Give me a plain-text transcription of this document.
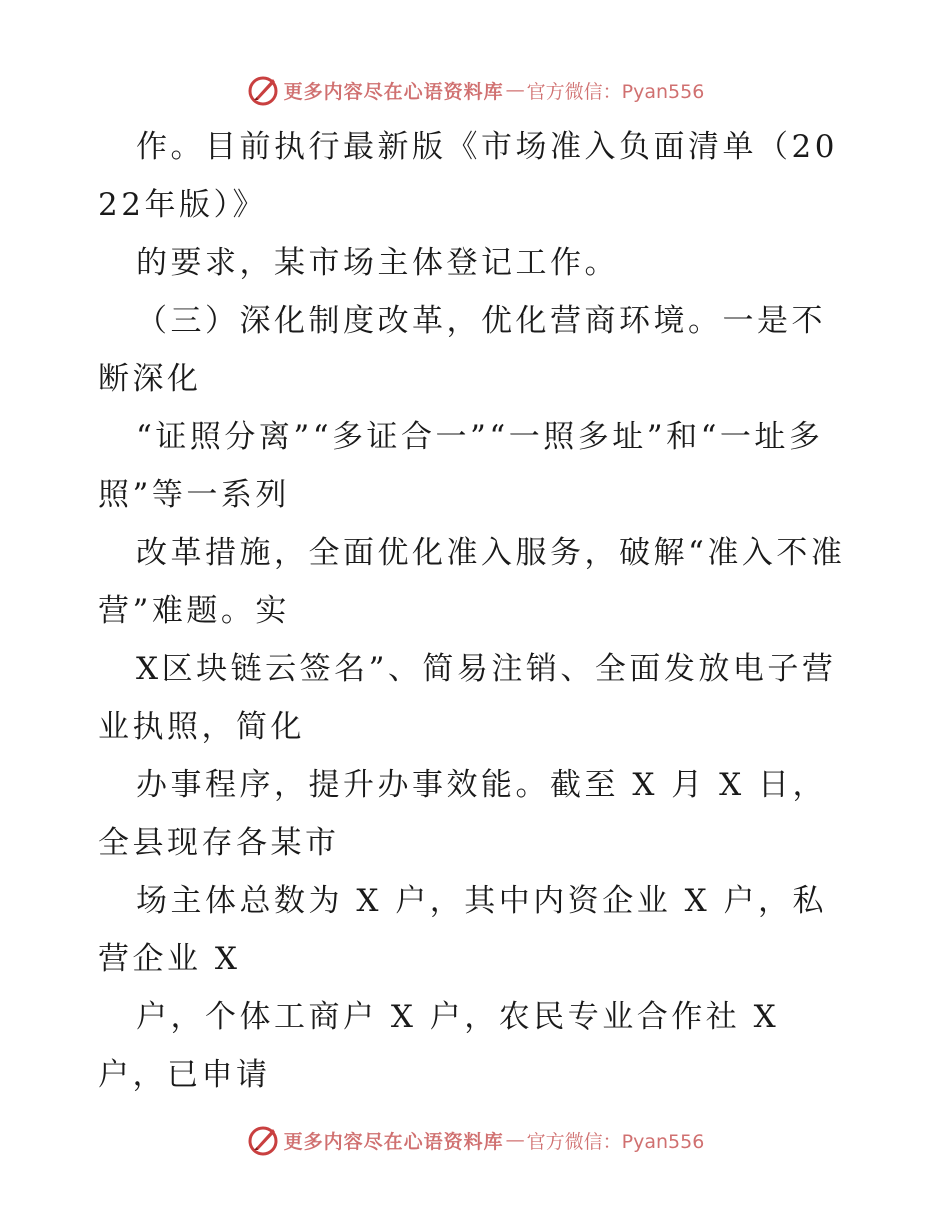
更多内容尽在心语资料库 — 官方微信：Pyan556

作。目前执行最新版《市场准入负面清单（2022年版）》

的要求，某市场主体登记工作。

（三）深化制度改革，优化营商环境。一是不断深化

“证照分离”“多证合一”“一照多址”和“一址多照”等一系列

改革措施，全面优化准入服务，破解“准入不准营”难题。实

X区块链云签名”、简易注销、全面发放电子营业执照，简化

办事程序，提升办事效能。截至 X 月 X 日，全县现存各某市

场主体总数为 X 户，其中内资企业 X 户，私营企业 X

户，个体工商户 X 户，农民专业合作社 X 户，已申请

更多内容尽在心语资料库 — 官方微信：Pyan556
